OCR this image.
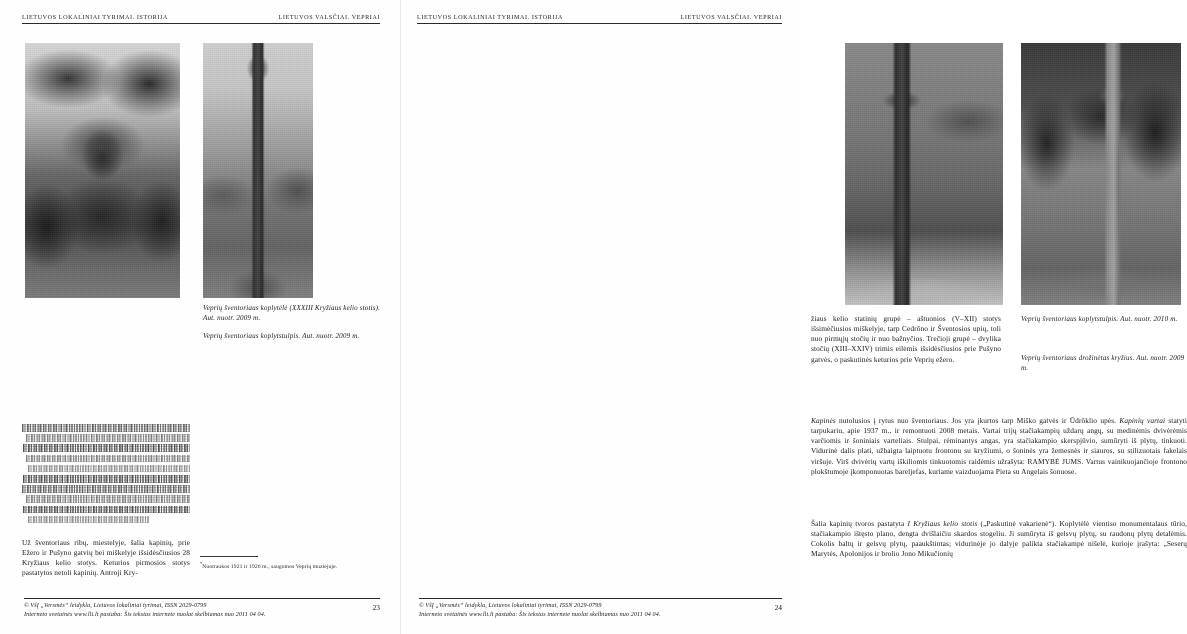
LIETUVOS LOKALINIAI TYRIMAI. ISTORIJA	LIETUVOS VALSČIAI. VEPRIAI
Veprių šventoriaus koplytėlė (XXXIII Kryžiaus kelio stotis). Aut. nuotr. 2009 m.
Veprių šventoriaus koplytstulpis. Aut. nuotr. 2009 m.
Už šventoriaus ribų, miestelyje, šalia kapinių, prie Ežero ir Pušyno gatvių bei miškelyje išsidėsčiusios 28 Kryžiaus kelio stotys. Keturios pirmosios stotys pastatytos netoli kapinių. Antroji Kry-
*Nuotraukos 1921 ir 1926 m., saugomos Veprių muziejuje.
© VšĮ „Versmės“ leidykla, Lietuvos lokaliniai tyrimai, ISSN 2029-0799
Interneto svetainės www.llt.lt pastaba: Šis tekstas internete nuolat skelbiamas nuo 2011 04 04.
23
LIETUVOS LOKALINIAI TYRIMAI. ISTORIJA	LIETUVOS VALSČIAI. VEPRIAI
žiaus kelio statinių grupė – aštuonios (V–XII) stotys išsimėčiusios miškelyje, tarp Cedrôno ir Šventosios upių, toli nuo pirmųjų stočių ir nuo bažnyčios. Trečioji grupė – dvylika stočių (XIII–XXIV) trimis eilėmis išsidėsčiusios prie Pušyno gatvės, o paskutinės keturios prie Veprių ežero.
Veprių šventoriaus koplytstulpis. Aut. nuotr. 2010 m.
Veprių šventoriaus drožinėtas kryžius. Aut. nuotr. 2009 m.
Kapinės nutolusios į rytus nuo šventoriaus. Jos yra įkurtos tarp Miško gatvės ir Ūdrôklio upės. Kapinių vartai statyti tarpukariu, apie 1937 m., ir remontuoti 2008 metais. Vartai trijų stačiakampių uždarų angų, su medinėmis dvivėrėmis varčiomis ir šoniniais varteliais. Stulpai, rėminantys angas, yra stačiakampio skerspjūvio, sumūryti iš plytų, tinkuoti. Vidurinė dalis plati, užbaigta laiptuotu frontonu su kryžiumi, o šoninės yra žemesnės ir siauros, su stilizuotais fakelais viršuje. Virš dvivėrių vartų iškiliomis tinkuotomis raidėmis užrašyta: RAMYBĖ JUMS. Vartus vainikuojančioje frontono plokštumoje įkomponuotas bareljefas, kuriame vaizduojama Pieta su Angelais šonuose.
Šalia kapinių tvoros pastatyta I Kryžiaus kelio stotis („Paskutinė vakarienė“). Koplytėlė vientiso monumentalaus tūrio, stačiakampio ištęsto plano, dengta dvišlaičiu skardos stogeliu. Ji sumūryta iš gelsvų plytų, su raudonų plytų detalėmis. Cokolis baltų ir gelsvų plytų, paaukštintas; vidurinėje jo dalyje palikta stačiakampė nišelė, kurioje įrašyta: „Seserų Marytės, Apolonijos ir brolio Jono Mikučionių
© VšĮ „Versmės“ leidykla, Lietuvos lokaliniai tyrimai, ISSN 2029-0799
Interneto svetainės www.llt.lt pastaba: Šis tekstas internete nuolat skelbiamas nuo 2011 04 04.
24
